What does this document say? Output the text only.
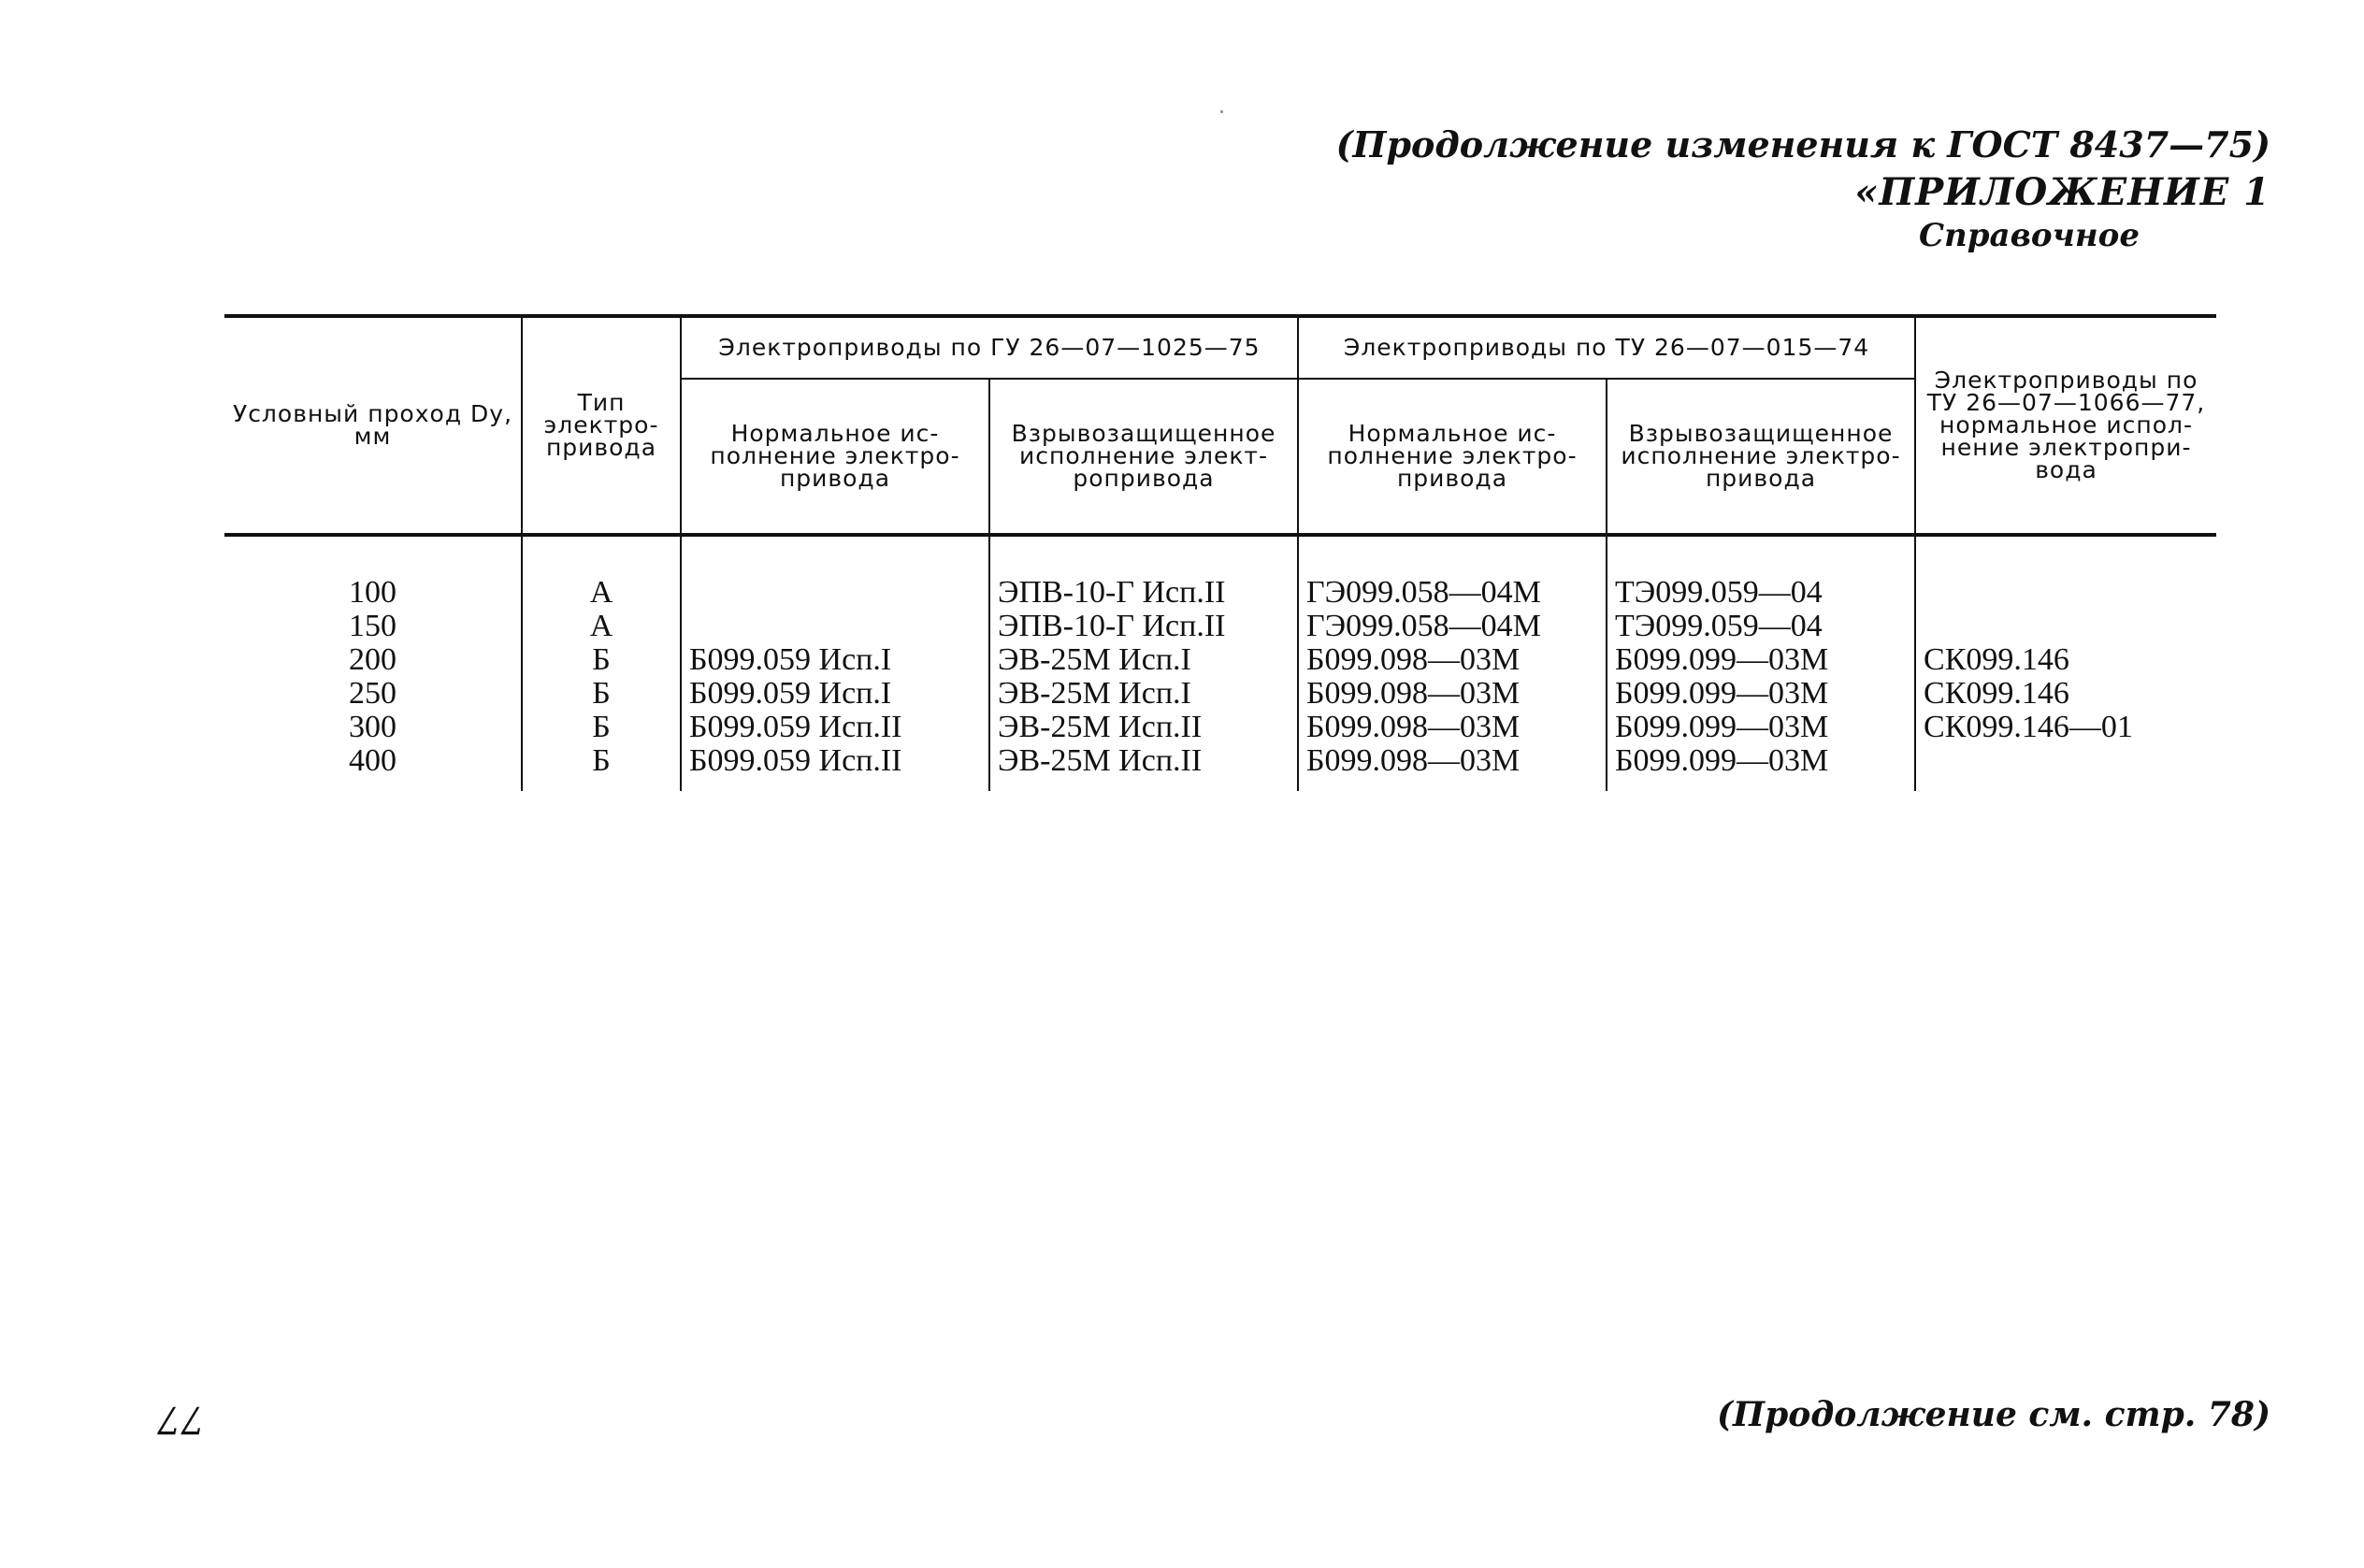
(Продолжение изменения к ГОСТ 8437—75)
«ПРИЛОЖЕНИЕ 1
Справочное
Условный проход Dу, мм	Тип электро-привода	Электроприводы по ГУ 26—07—1025—75		Электроприводы по ТУ 26—07—015—74		Электроприводы по ТУ 26—07—1066—77, нормальное испол-нение электропри-вода
		Нормальное ис-полнение электро-привода	Взрывозащищенное исполнение элект-ропривода	Нормальное ис-полнение электро-привода	Взрывозащищенное исполнение электро-привода	
100	А		ЭПВ-10-Г Исп.II	ГЭ099.058—04М	ТЭ099.059—04	
150	А		ЭПВ-10-Г Исп.II	ГЭ099.058—04М	ТЭ099.059—04	
200	Б	Б099.059 Исп.I	ЭВ-25М Исп.I	Б099.098—03М	Б099.099—03М	СК099.146
250	Б	Б099.059 Исп.I	ЭВ-25М Исп.I	Б099.098—03М	Б099.099—03М	СК099.146
300	Б	Б099.059 Исп.II	ЭВ-25М Исп.II	Б099.098—03М	Б099.099—03М	СК099.146—01
400	Б	Б099.059 Исп.II	ЭВ-25М Исп.II	Б099.098—03М	Б099.099—03М	
77	(Продолжение см. стр. 78)
